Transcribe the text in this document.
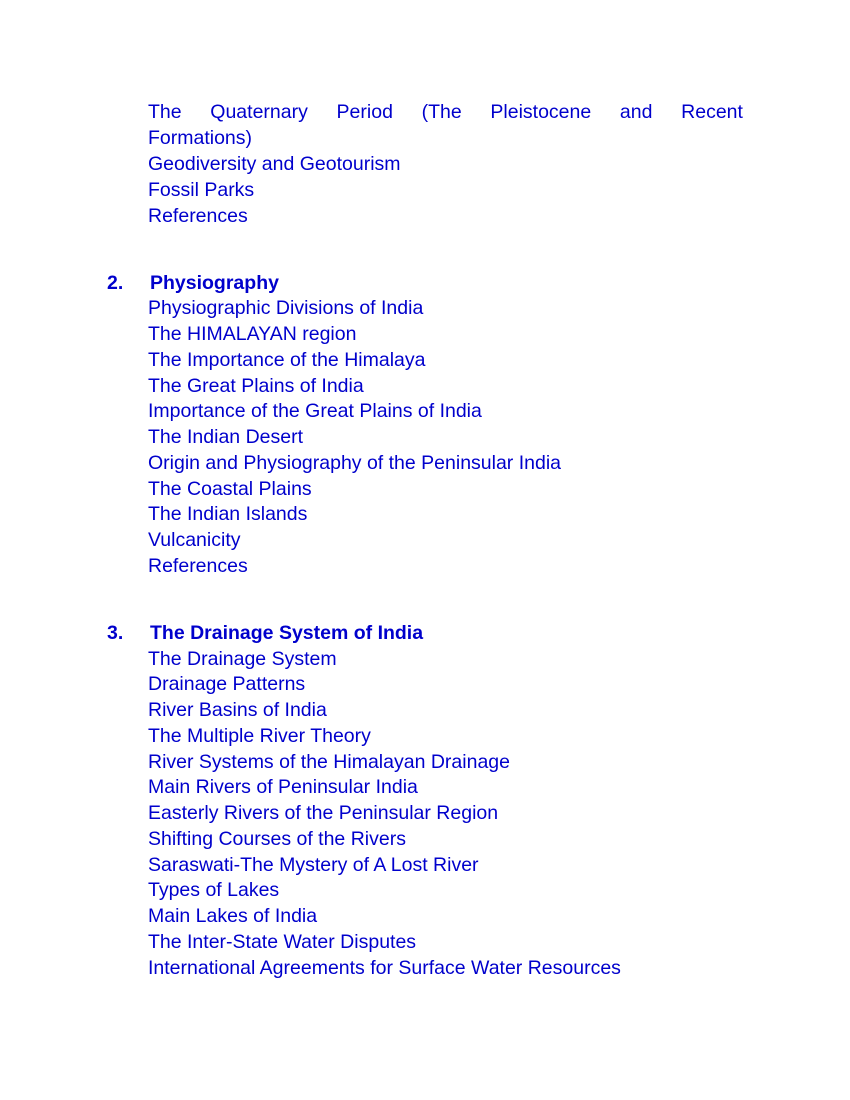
The Quaternary Period (The Pleistocene and Recent
Formations)
Geodiversity and Geotourism
Fossil Parks
References
2. Physiography
Physiographic Divisions of India
The HIMALAYAN region
The Importance of the Himalaya
The Great Plains of India
Importance of the Great Plains of India
The Indian Desert
Origin and Physiography of the Peninsular India
The Coastal Plains
The Indian Islands
Vulcanicity
References
3. The Drainage System of India
The Drainage System
Drainage Patterns
River Basins of India
The Multiple River Theory
River Systems of the Himalayan Drainage
Main Rivers of Peninsular India
Easterly Rivers of the Peninsular Region
Shifting Courses of the Rivers
Saraswati-The Mystery of A Lost River
Types of Lakes
Main Lakes of India
The Inter-State Water Disputes
International Agreements for Surface Water Resources
